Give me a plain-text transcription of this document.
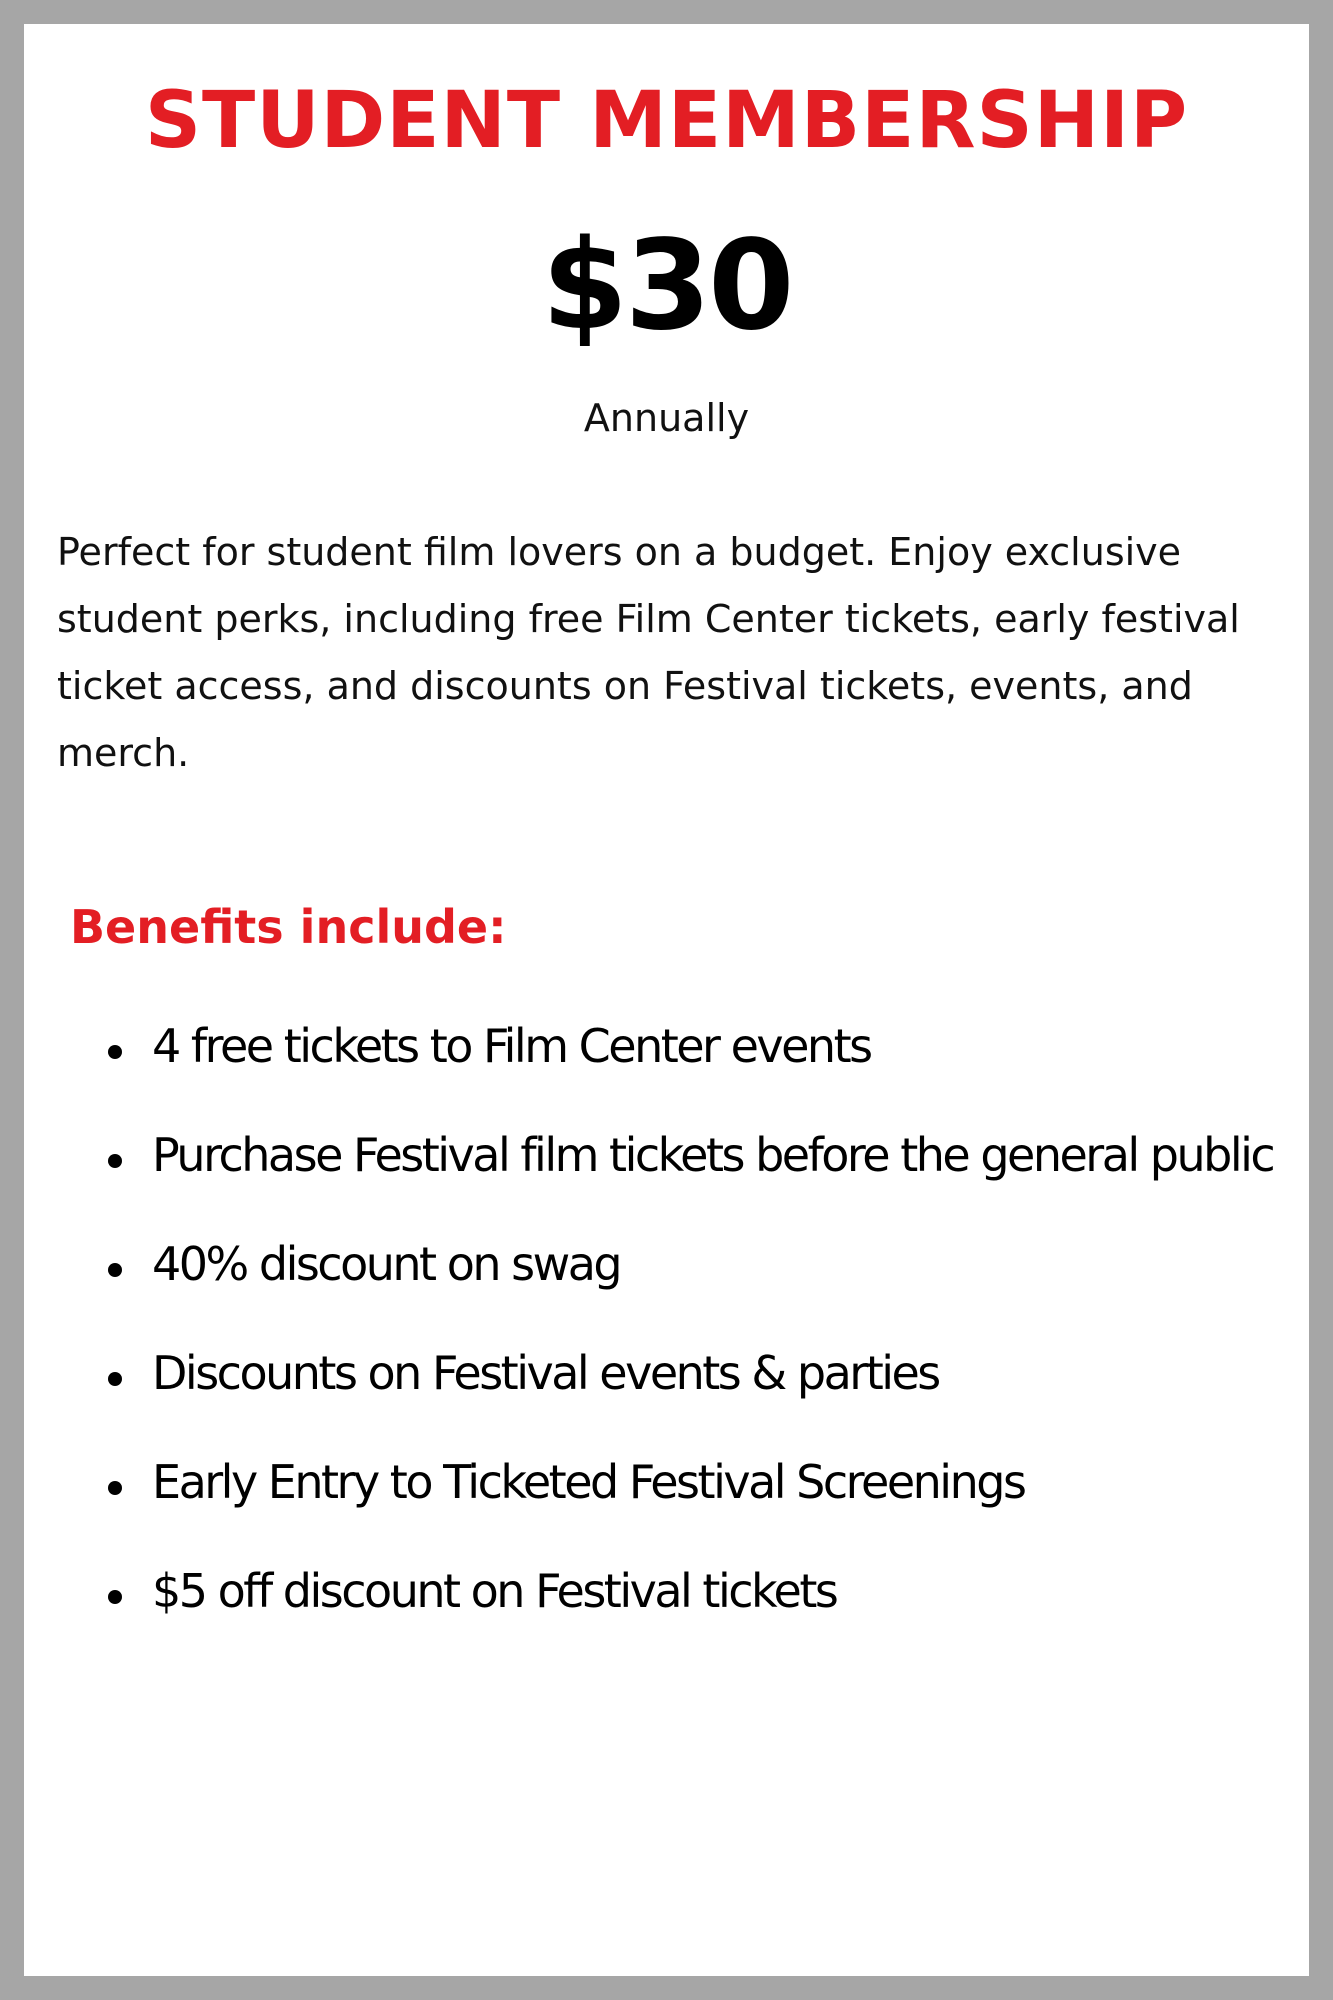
STUDENT MEMBERSHIP
$30
Annually

Perfect for student film lovers on a budget. Enjoy exclusive student perks, including free Film Center tickets, early festival ticket access, and discounts on Festival tickets, events, and merch.

Benefits include:
4 free tickets to Film Center events
Purchase Festival film tickets before the general public
40% discount on swag
Discounts on Festival events & parties
Early Entry to Ticketed Festival Screenings
$5 off discount on Festival tickets
